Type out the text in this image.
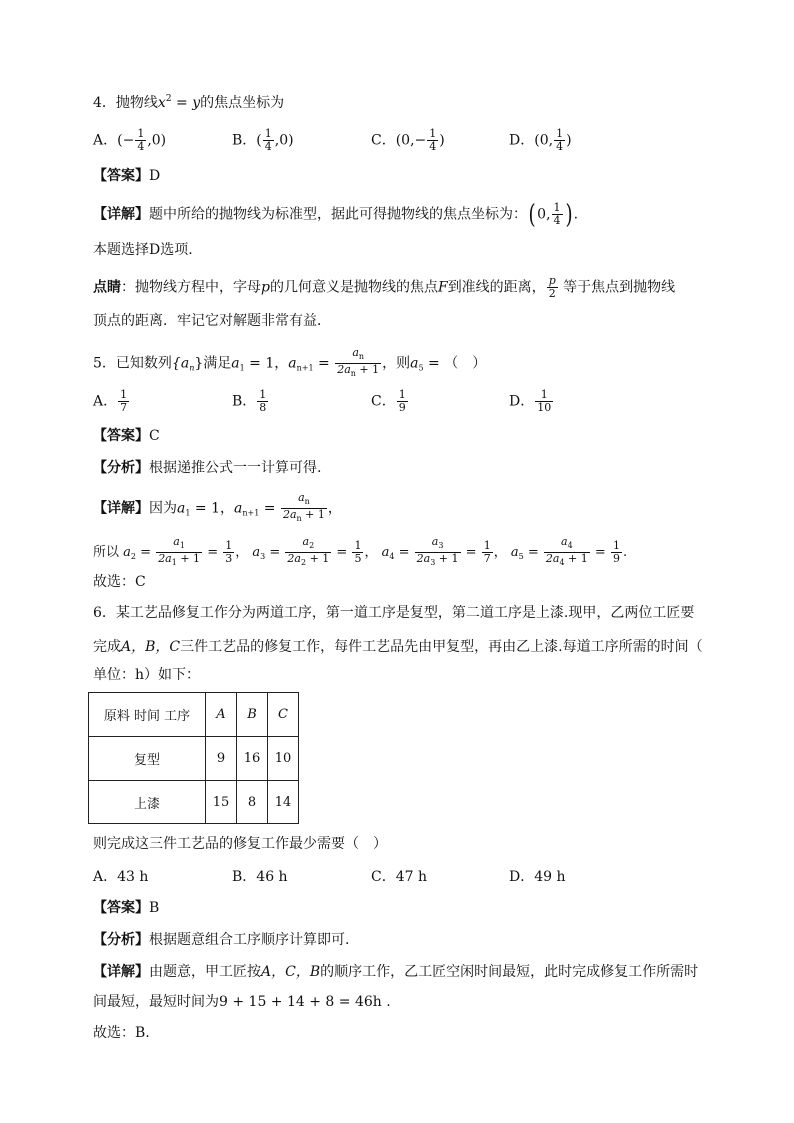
4．抛物线$x^2 = y$的焦点坐标为
A．(− $\frac{1}{4} ,0$)	B．( $\frac{1}{4} ,0$)	C．($0,- \frac{1}{4}$ )	D．(0, $\frac{1}{4}$ )
【答案】D
【详解】题中所给的抛物线为标准型，据此可得抛物线的焦点坐标为：( 0, $\frac{1}{4}$ ) .
本题选择D选项.
点睛：抛物线方程中，字母p的几何意义是抛物线的焦点F到准线的距离， $\frac{p}{2}$ 等于焦点到抛物线
顶点的距离．牢记它对解题非常有益．
5．已知数列$\{a_n\}$满足$a_1 = 1$，$a_{n+1} = \frac{a_n}{2a_n + 1}$ ，则$a_5$ = （　）
A． $\frac{1}{7}$	B． $\frac{1}{8}$	C． $\frac{1}{9}$	D． $\frac{1}{10}$
【答案】C
【分析】根据递推公式一一计算可得.
【详解】因为$a_1 = 1$，$a_{n+1} = \frac{a_n}{2a_n + 1}$ ，
所以 $a_2 = \frac{a_1}{2a_1 + 1} = \frac{1}{3}$ ， $a_3 = \frac{a_2}{2a_2 + 1} = \frac{1}{5}$ ， $a_4 = \frac{a_3}{2a_3 + 1} = \frac{1}{7}$ ， $a_5 = \frac{a_4}{2a_4 + 1} = \frac{1}{9}$ .
故选：C
6．某工艺品修复工作分为两道工序，第一道工序是复型，第二道工序是上漆.现甲，乙两位工匠要
完成A，B，C三件工艺品的修复工作，每件工艺品先由甲复型，再由乙上漆.每道工序所需的时间（
单位：h）如下：
原料 时间 工序	A	B	C
复型	9	16	10
上漆	15	8	14
则完成这三件工艺品的修复工作最少需要（　）
A．43 h	B．46 h	C．47 h	D．49 h
【答案】B
【分析】根据题意组合工序顺序计算即可.
【详解】由题意，甲工匠按A，C，B的顺序工作，乙工匠空闲时间最短，此时完成修复工作所需时
间最短，最短时间为9 + 15 + 14 + 8 = 46h .
故选：B.
